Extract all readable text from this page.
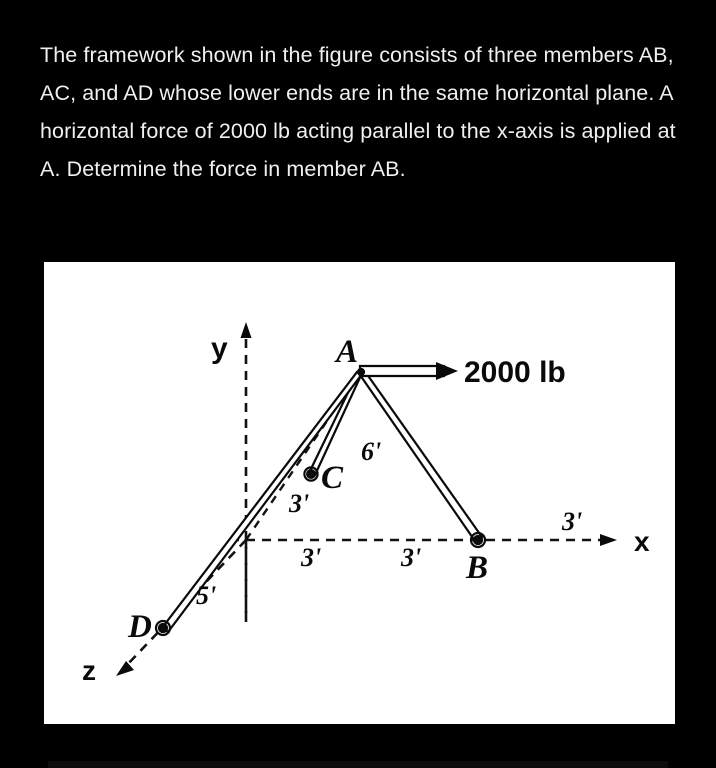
The framework shown in the figure consists of three members AB, AC, and AD whose lower ends are in the same horizontal plane. A horizontal force of 2000 lb acting parallel to the x-axis is applied at A. Determine the force in member AB.
y
x
z
2000 lb
A
B
C
D
3'	3'
3'
3'
6'
5'
